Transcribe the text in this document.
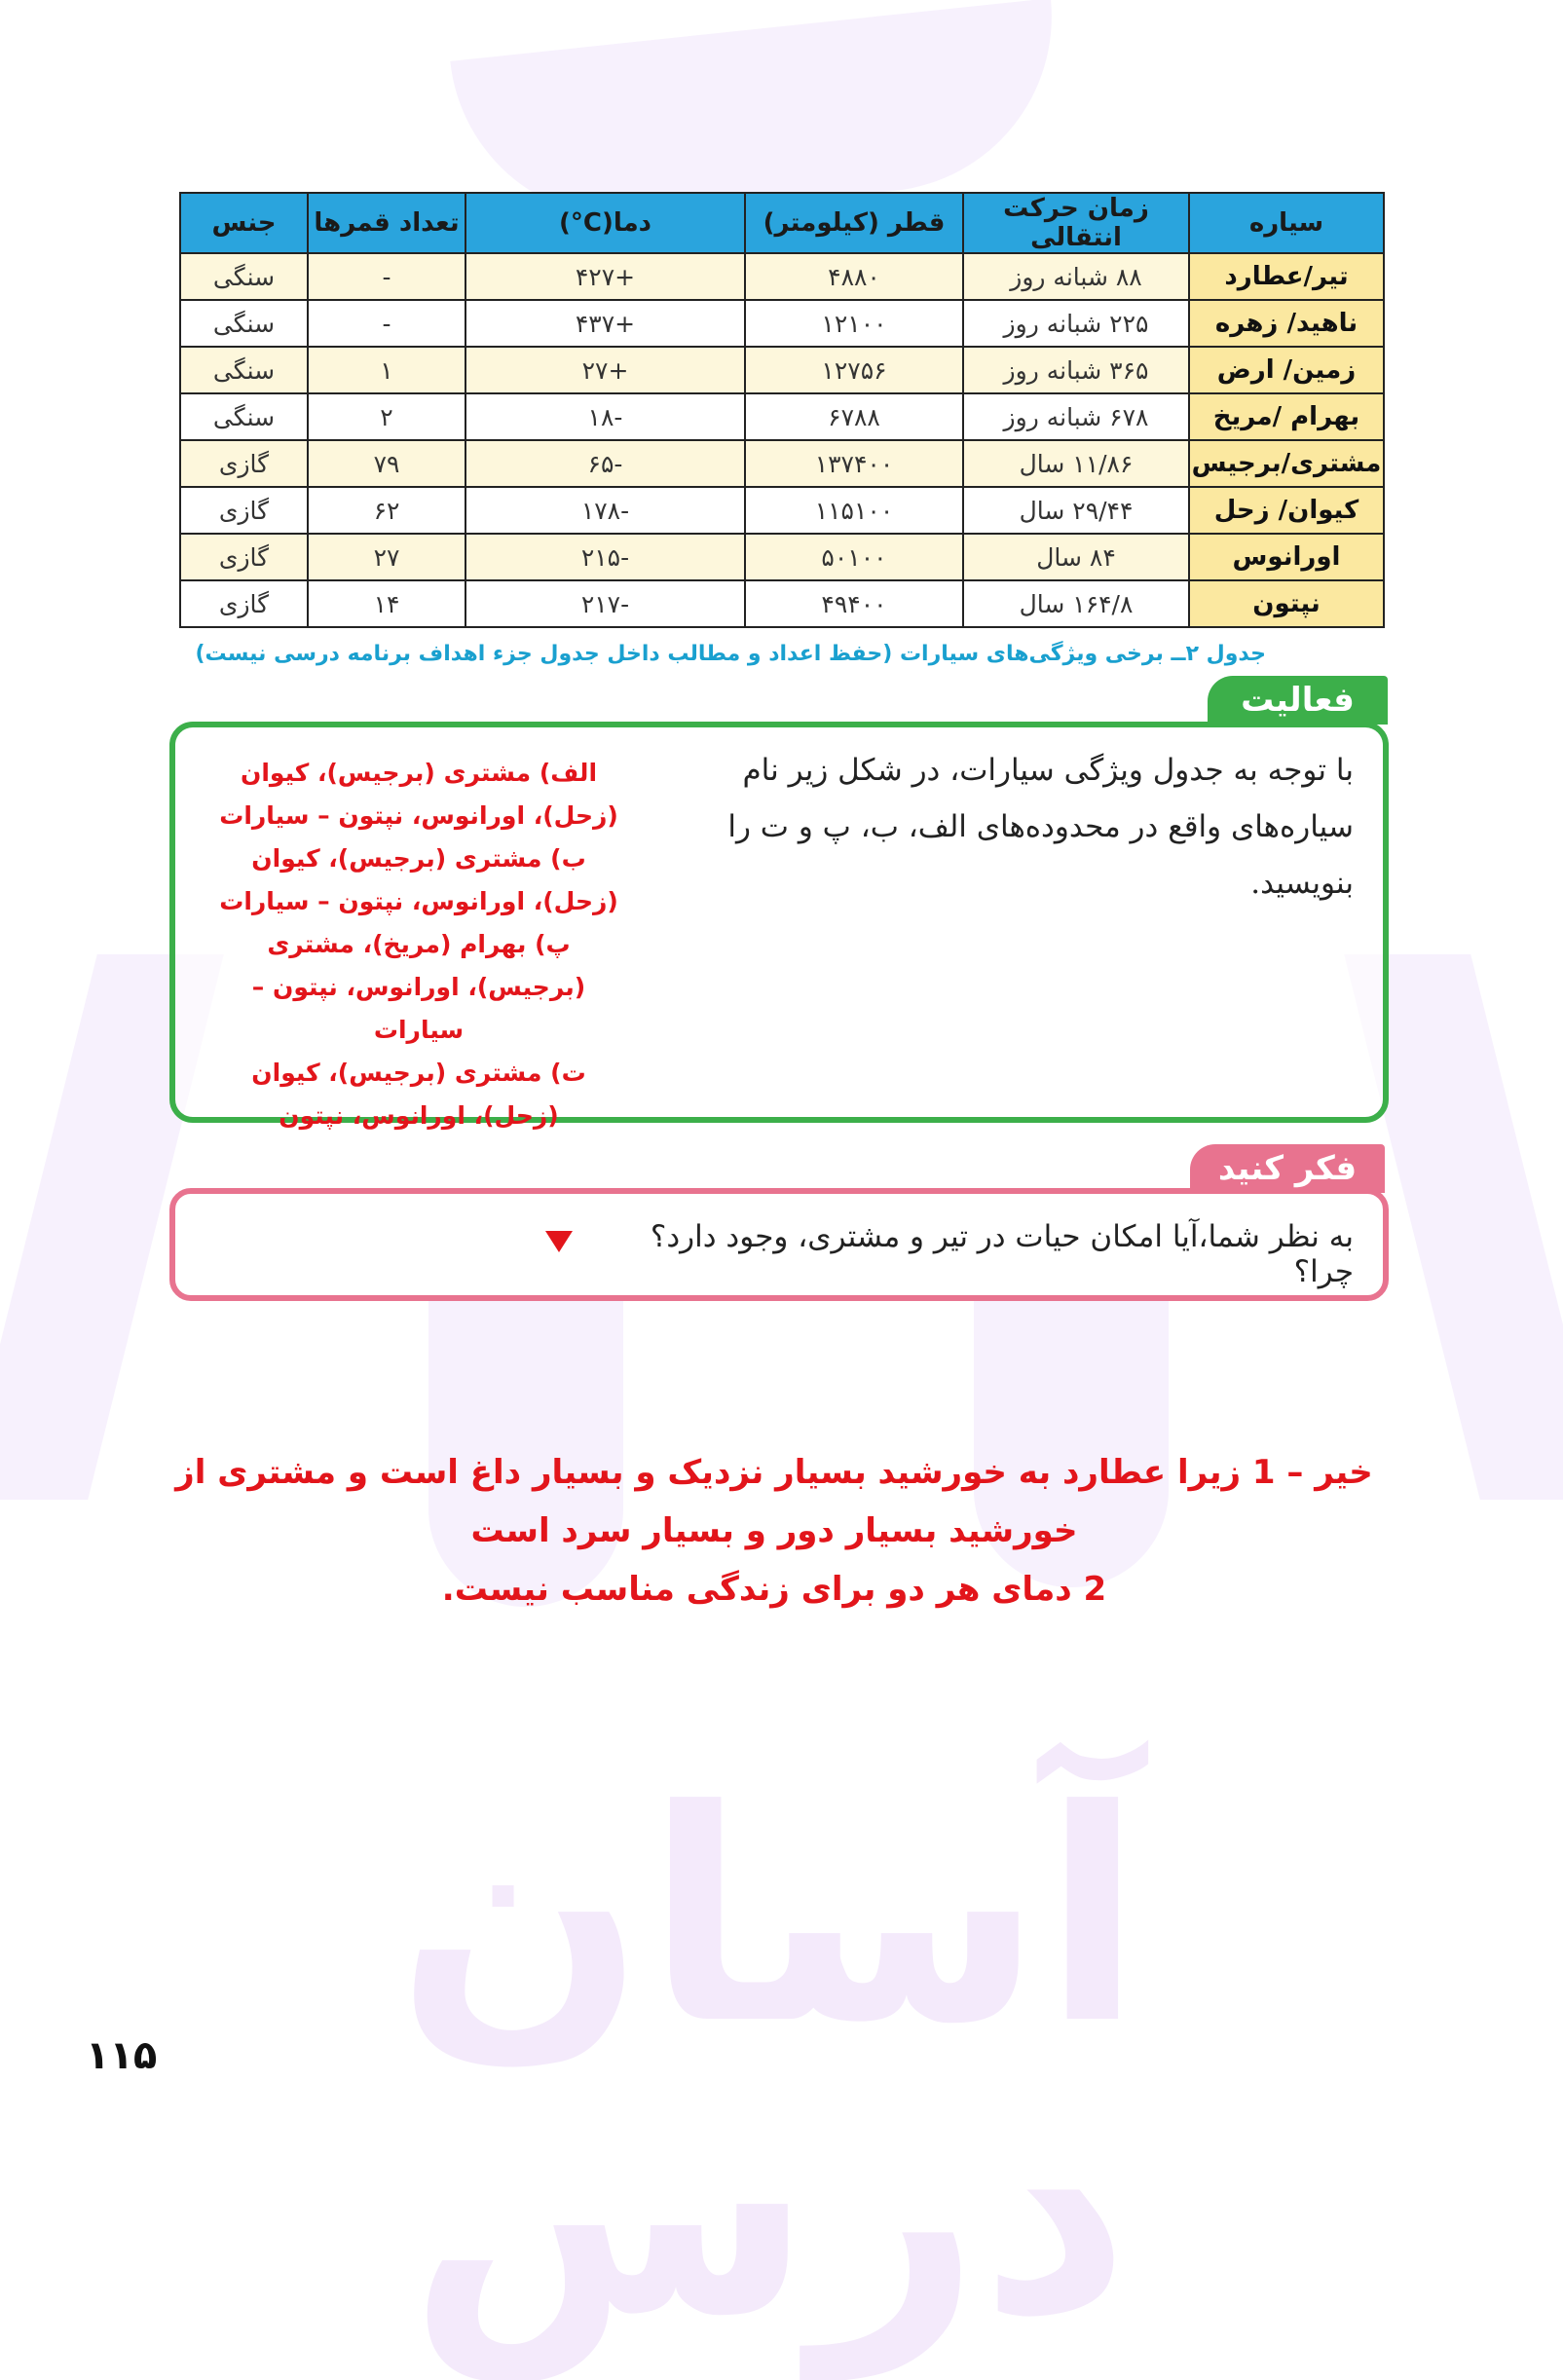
آسان درس
سیاره	زمان حرکت انتقالی	قطر (کیلومتر)	دما(C°)	تعداد قمرها	جنس
تیر/عطارد	۸۸ شبانه روز	۴۸۸۰	+۴۲۷	-	سنگی
ناهید/ زهره	۲۲۵ شبانه روز	۱۲۱۰۰	+۴۳۷	-	سنگی
زمین/ ارض	۳۶۵ شبانه روز	۱۲۷۵۶	+۲۷	۱	سنگی
بهرام /مریخ	۶۷۸ شبانه روز	۶۷۸۸	-۱۸	۲	سنگی
مشتری/برجیس	۱۱/۸۶ سال	۱۳۷۴۰۰	-۶۵	۷۹	گازی
کیوان/ زحل	۲۹/۴۴ سال	۱۱۵۱۰۰	-۱۷۸	۶۲	گازی
اورانوس	۸۴ سال	۵۰۱۰۰	-۲۱۵	۲۷	گازی
نپتون	۱۶۴/۸ سال	۴۹۴۰۰	-۲۱۷	۱۴	گازی
جدول ۲ــ برخی ویژگی‌های سیارات (حفظ اعداد و مطالب داخل جدول جزء اهداف برنامه درسی نیست)
فعالیت
با توجه به جدول ویژگی سیارات، در شکل زیر نام سیاره‌های واقع در محدوده‌های الف، ب، پ و ت را بنویسید.
الف) مشتری (برجیس)، کیوان (زحل)، اورانوس، نپتون – سیارات
ب) مشتری (برجیس)، کیوان (زحل)، اورانوس، نپتون – سیارات
پ) بهرام (مریخ)، مشتری (برجیس)، اورانوس، نپتون – سیارات
ت) مشتری (برجیس)، کیوان (زحل)، اورانوس، نپتون
فکر کنید
به نظر شما،آیا امکان حیات در تیر و مشتری، وجود دارد؟ چرا؟
خیر – 1 زیرا عطارد به خورشید بسیار نزدیک و بسیار داغ است و مشتری از خورشید بسیار دور و بسیار سرد است
2 دمای هر دو برای زندگی مناسب نیست.
۱۱۵
